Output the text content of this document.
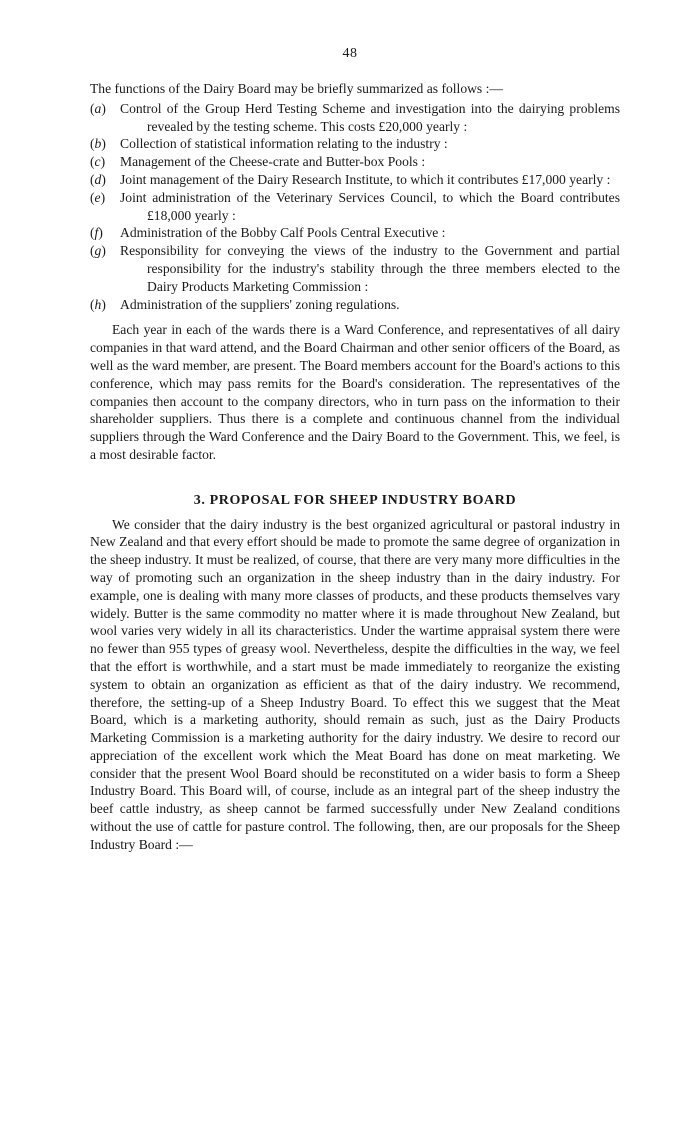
48

The functions of the Dairy Board may be briefly summarized as follows :—

(a) Control of the Group Herd Testing Scheme and investigation into the dairying problems revealed by the testing scheme. This costs £20,000 yearly :
(b) Collection of statistical information relating to the industry :
(c) Management of the Cheese-crate and Butter-box Pools :
(d) Joint management of the Dairy Research Institute, to which it contributes £17,000 yearly :
(e) Joint administration of the Veterinary Services Council, to which the Board contributes £18,000 yearly :
(f) Administration of the Bobby Calf Pools Central Executive :
(g) Responsibility for conveying the views of the industry to the Government and partial responsibility for the industry's stability through the three members elected to the Dairy Products Marketing Commission :
(h) Administration of the suppliers' zoning regulations.

Each year in each of the wards there is a Ward Conference, and representatives of all dairy companies in that ward attend, and the Board Chairman and other senior officers of the Board, as well as the ward member, are present. The Board members account for the Board's actions to this conference, which may pass remits for the Board's consideration. The representatives of the companies then account to the company directors, who in turn pass on the information to their shareholder suppliers. Thus there is a complete and continuous channel from the individual suppliers through the Ward Conference and the Dairy Board to the Government. This, we feel, is a most desirable factor.

3. PROPOSAL FOR SHEEP INDUSTRY BOARD

We consider that the dairy industry is the best organized agricultural or pastoral industry in New Zealand and that every effort should be made to promote the same degree of organization in the sheep industry. It must be realized, of course, that there are very many more difficulties in the way of promoting such an organization in the sheep industry than in the dairy industry. For example, one is dealing with many more classes of products, and these products themselves vary widely. Butter is the same commodity no matter where it is made throughout New Zealand, but wool varies very widely in all its characteristics. Under the wartime appraisal system there were no fewer than 955 types of greasy wool. Nevertheless, despite the difficulties in the way, we feel that the effort is worthwhile, and a start must be made immediately to reorganize the existing system to obtain an organization as efficient as that of the dairy industry. We recommend, therefore, the setting-up of a Sheep Industry Board. To effect this we suggest that the Meat Board, which is a marketing authority, should remain as such, just as the Dairy Products Marketing Commission is a marketing authority for the dairy industry. We desire to record our appreciation of the excellent work which the Meat Board has done on meat marketing. We consider that the present Wool Board should be reconstituted on a wider basis to form a Sheep Industry Board. This Board will, of course, include as an integral part of the sheep industry the beef cattle industry, as sheep cannot be farmed successfully under New Zealand conditions without the use of cattle for pasture control. The following, then, are our proposals for the Sheep Industry Board :—
